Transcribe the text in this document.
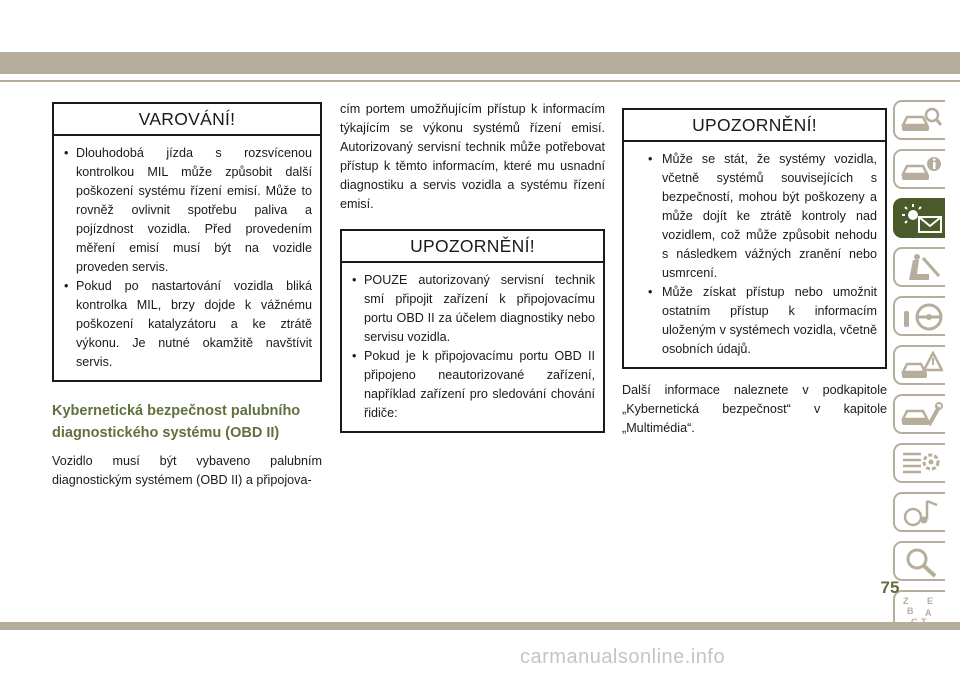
VAROVÁNÍ!
• Dlouhodobá jízda s rozsvícenou kontrolkou MIL může způsobit další poškození systému řízení emisí. Může to rovněž ovlivnit spotřebu paliva a pojízdnost vozidla. Před provedením měření emisí musí být na vozidle proveden servis.
• Pokud po nastartování vozidla bliká kontrolka MIL, brzy dojde k vážnému poškození katalyzátoru a ke ztrátě výkonu. Je nutné okamžitě navštívit servis.
Kybernetická bezpečnost palubního diagnostického systému (OBD II)

Vozidlo musí být vybaveno palubním diagnostickým systémem (OBD II) a připojova-

cím portem umožňujícím přístup k informacím týkajícím se výkonu systémů řízení emisí. Autorizovaný servisní technik může potřebovat přístup k těmto informacím, které mu usnadní diagnostiku a servis vozidla a systému řízení emisí.

UPOZORNĚNÍ!
• POUZE autorizovaný servisní technik smí připojit zařízení k připojovacímu portu OBD II za účelem diagnostiky nebo servisu vozidla.
• Pokud je k připojovacímu portu OBD II připojeno neautorizované zařízení, například zařízení pro sledování chování řidiče:
UPOZORNĚNÍ!
• Může se stát, že systémy vozidla, včetně systémů souvisejících s bezpečností, mohou být poškozeny a může dojít ke ztrátě kontroly nad vozidlem, což může způsobit nehodu s následkem vážných zranění nebo usmrcení.
• Může získat přístup nebo umožnit ostatním přístup k informacím uloženým v systémech vozidla, včetně osobních údajů.

Další informace naleznete v podkapitole „Kybernetická bezpečnost“ v kapitole „Multimédia“.

Z E
B A
75
carmanualsonline.info
